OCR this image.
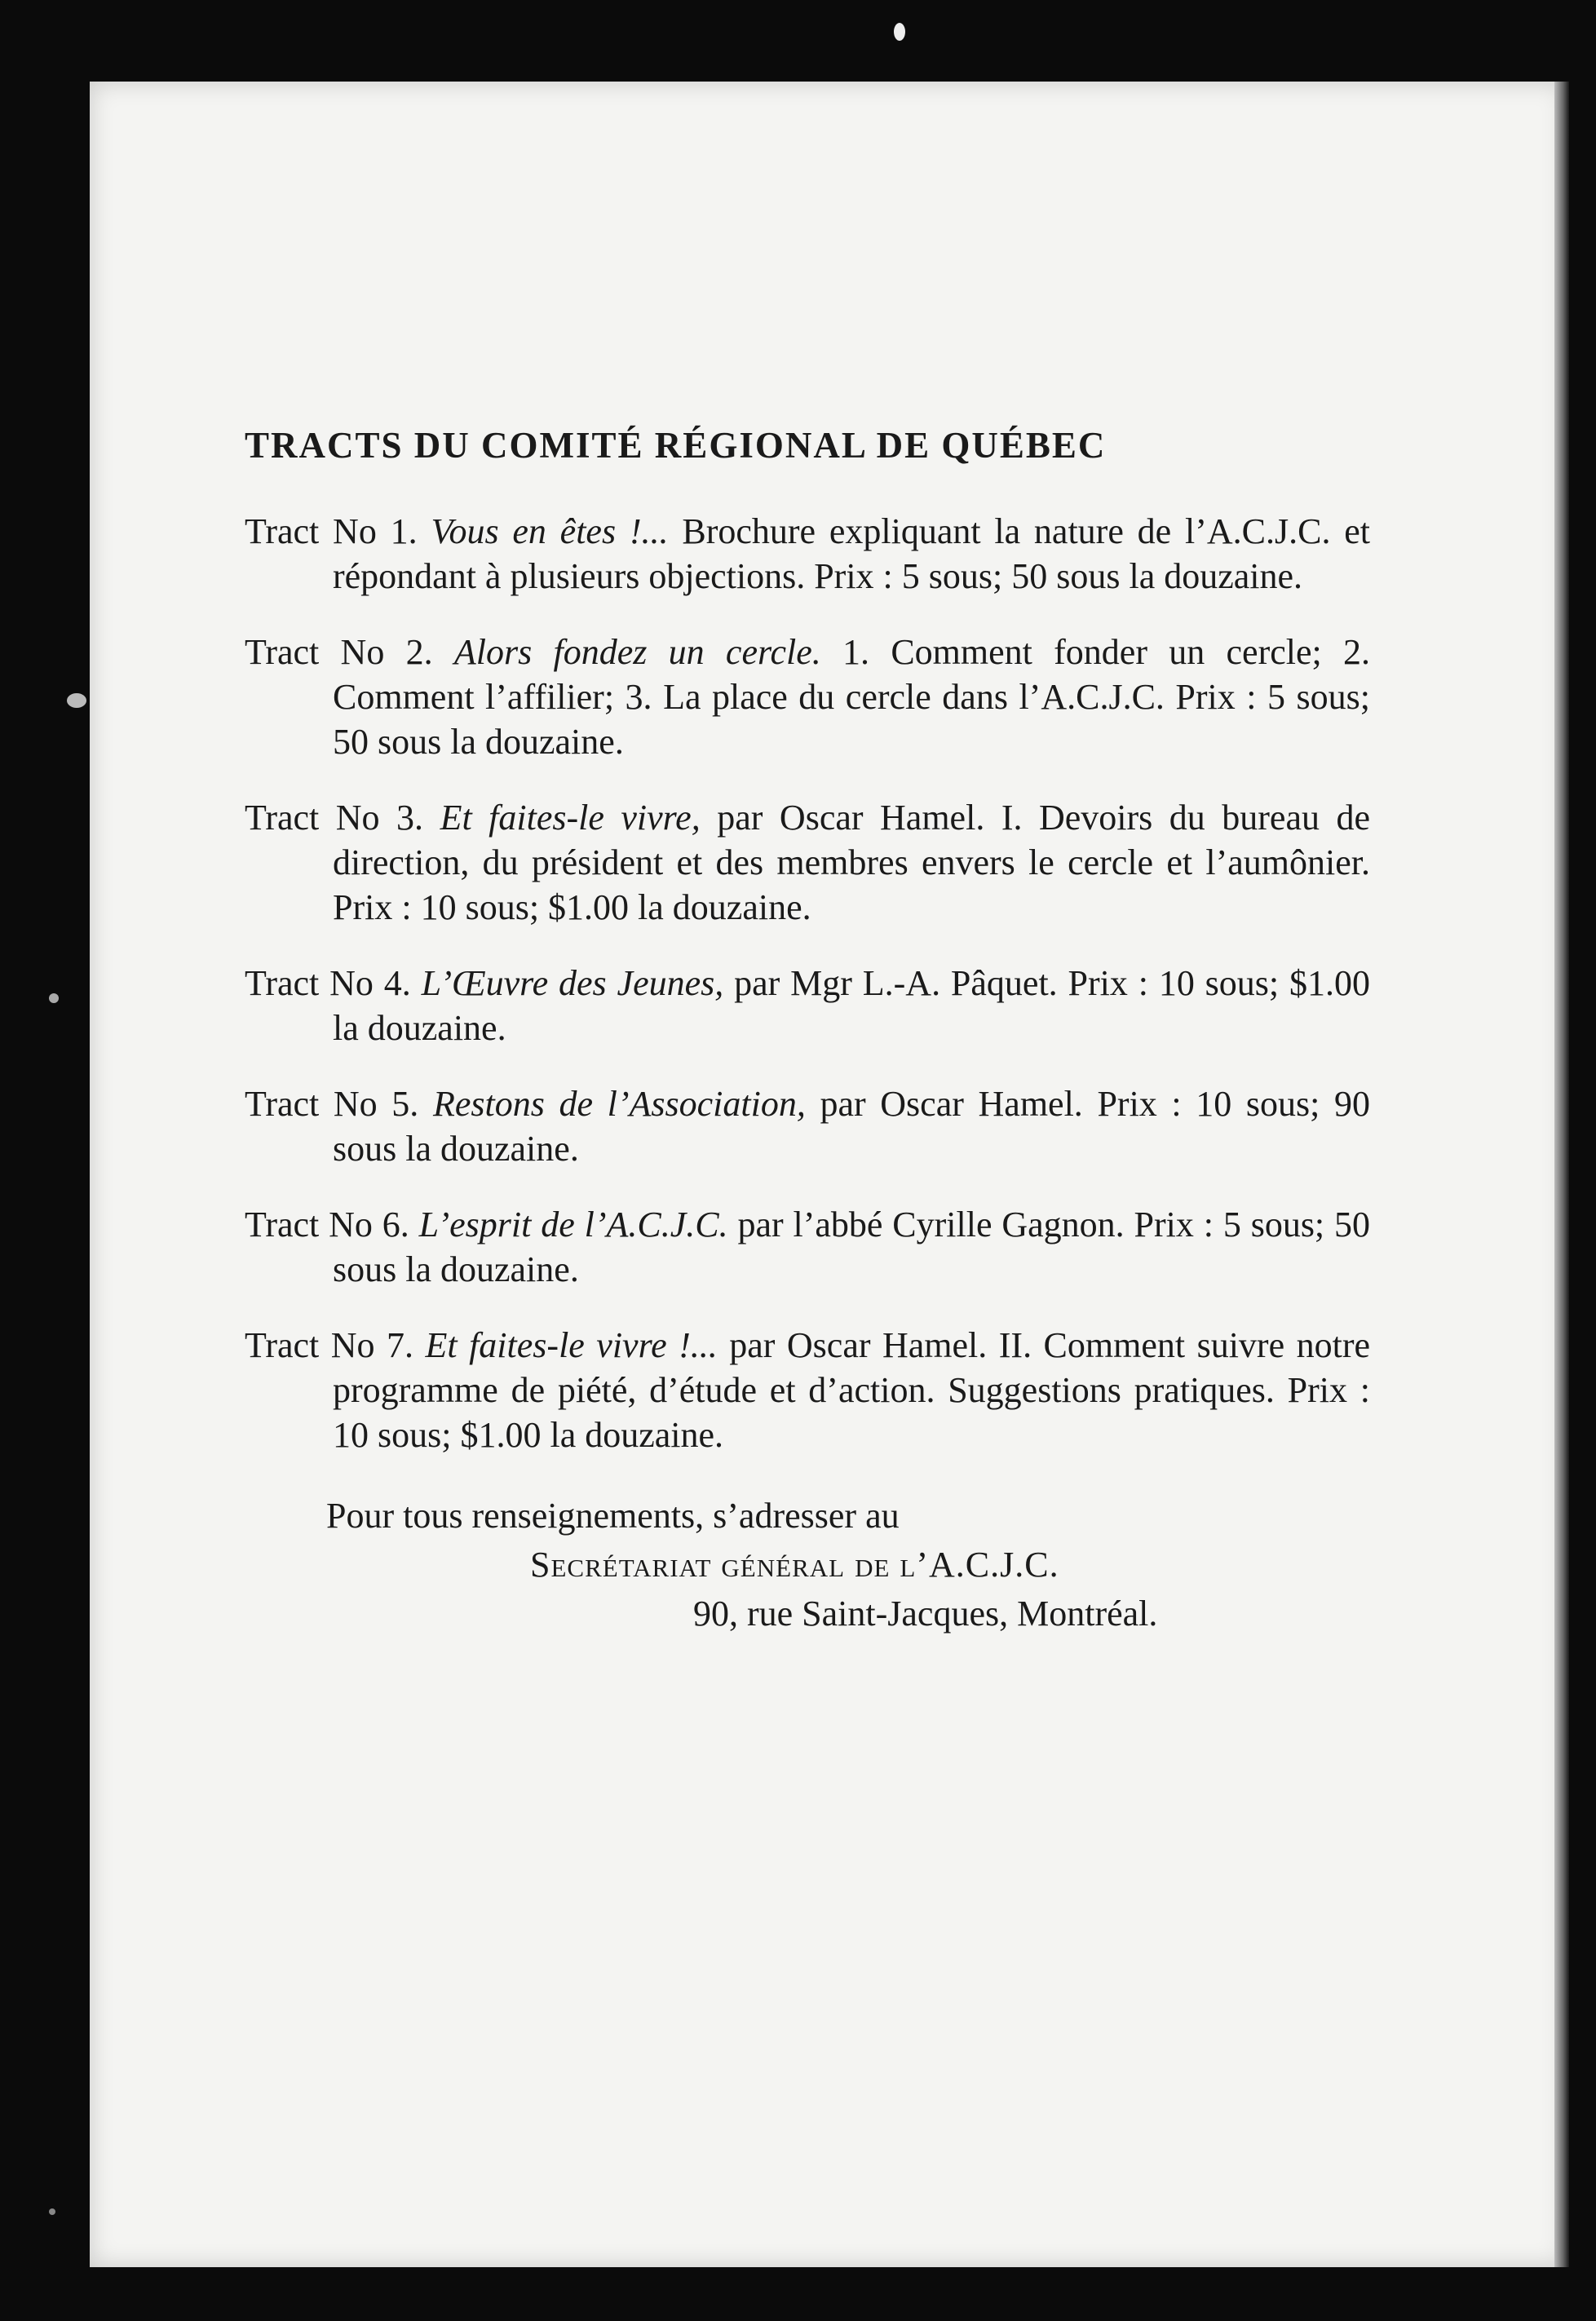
TRACTS DU COMITÉ RÉGIONAL DE QUÉBEC

Tract No 1. Vous en êtes !... Brochure expliquant la nature de l’A.C.J.C. et répondant à plusieurs objections. Prix : 5 sous; 50 sous la douzaine.

Tract No 2. Alors fondez un cercle. 1. Comment fonder un cercle; 2. Comment l’affilier; 3. La place du cercle dans l’A.C.J.C. Prix : 5 sous; 50 sous la douzaine.

Tract No 3. Et faites-le vivre, par Oscar Hamel. I. Devoirs du bureau de direction, du président et des membres envers le cercle et l’aumônier. Prix : 10 sous; $1.00 la douzaine.

Tract No 4. L’Œuvre des Jeunes, par Mgr L.-A. Pâquet. Prix : 10 sous; $1.00 la douzaine.

Tract No 5. Restons de l’Association, par Oscar Hamel. Prix : 10 sous; 90 sous la douzaine.

Tract No 6. L’esprit de l’A.C.J.C. par l’abbé Cyrille Gagnon. Prix : 5 sous; 50 sous la douzaine.

Tract No 7. Et faites-le vivre !... par Oscar Hamel. II. Comment suivre notre programme de piété, d’étude et d’action. Suggestions pratiques. Prix : 10 sous; $1.00 la douzaine.

Pour tous renseignements, s’adresser au
Secrétariat général de l’A.C.J.C.
90, rue Saint-Jacques, Montréal.
